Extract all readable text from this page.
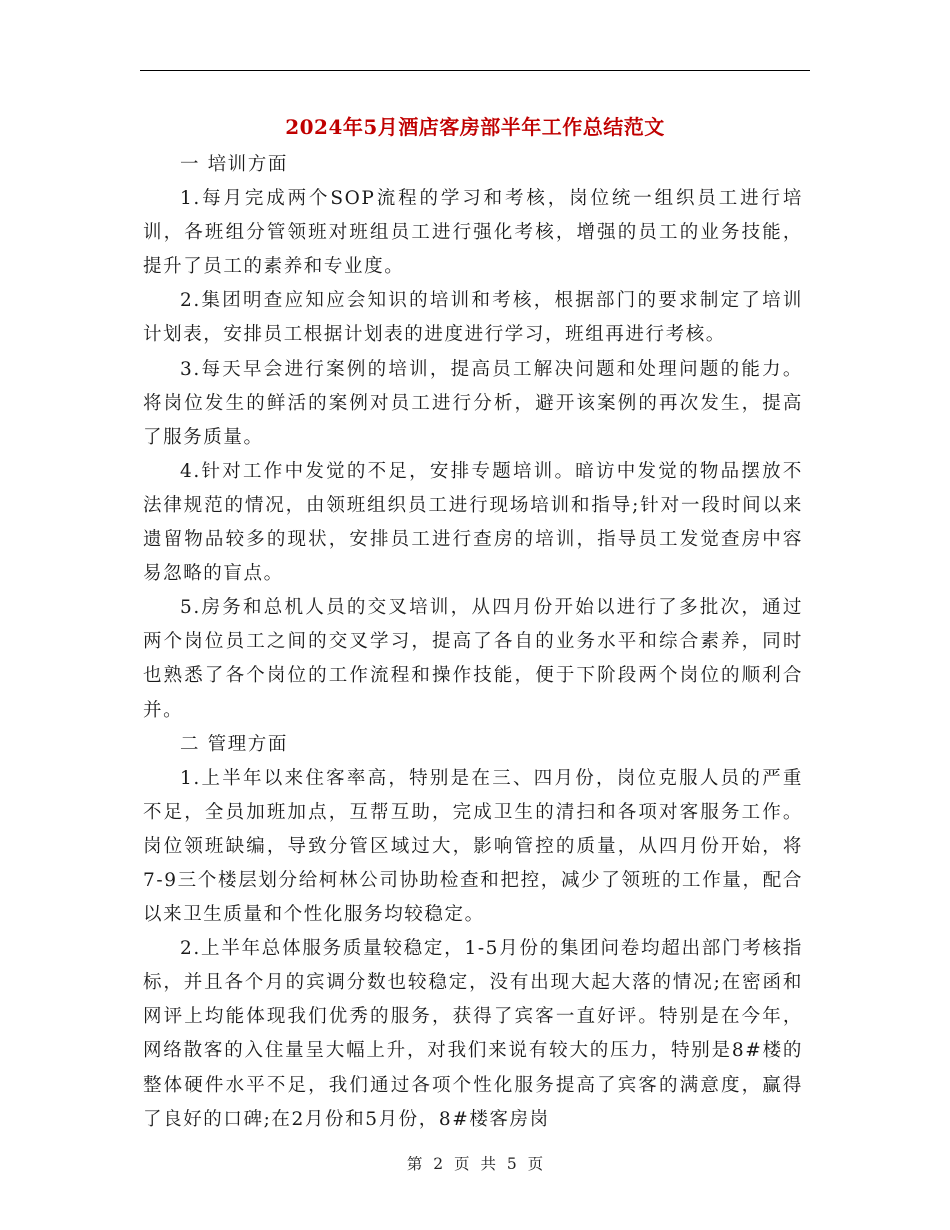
2024年5月酒店客房部半年工作总结范文

一 培训方面

1.每月完成两个SOP流程的学习和考核，岗位统一组织员工进行培训，各班组分管领班对班组员工进行强化考核，增强的员工的业务技能，提升了员工的素养和专业度。

2.集团明查应知应会知识的培训和考核，根据部门的要求制定了培训计划表，安排员工根据计划表的进度进行学习，班组再进行考核。

3.每天早会进行案例的培训，提高员工解决问题和处理问题的能力。将岗位发生的鲜活的案例对员工进行分析，避开该案例的再次发生，提高了服务质量。

4.针对工作中发觉的不足，安排专题培训。暗访中发觉的物品摆放不法律规范的情况，由领班组织员工进行现场培训和指导;针对一段时间以来遗留物品较多的现状，安排员工进行查房的培训，指导员工发觉查房中容易忽略的盲点。

5.房务和总机人员的交叉培训，从四月份开始以进行了多批次，通过两个岗位员工之间的交叉学习，提高了各自的业务水平和综合素养，同时也熟悉了各个岗位的工作流程和操作技能，便于下阶段两个岗位的顺利合并。

二 管理方面

1.上半年以来住客率高，特别是在三、四月份，岗位克服人员的严重不足，全员加班加点，互帮互助，完成卫生的清扫和各项对客服务工作。岗位领班缺编，导致分管区域过大，影响管控的质量，从四月份开始，将7-9三个楼层划分给柯林公司协助检查和把控，减少了领班的工作量，配合以来卫生质量和个性化服务均较稳定。

2.上半年总体服务质量较稳定，1-5月份的集团问卷均超出部门考核指标，并且各个月的宾调分数也较稳定，没有出现大起大落的情况;在密函和网评上均能体现我们优秀的服务，获得了宾客一直好评。特别是在今年，网络散客的入住量呈大幅上升，对我们来说有较大的压力，特别是8#楼的整体硬件水平不足，我们通过各项个性化服务提高了宾客的满意度，赢得了良好的口碑;在2月份和5月份，8#楼客房岗

第 2 页 共 5 页
